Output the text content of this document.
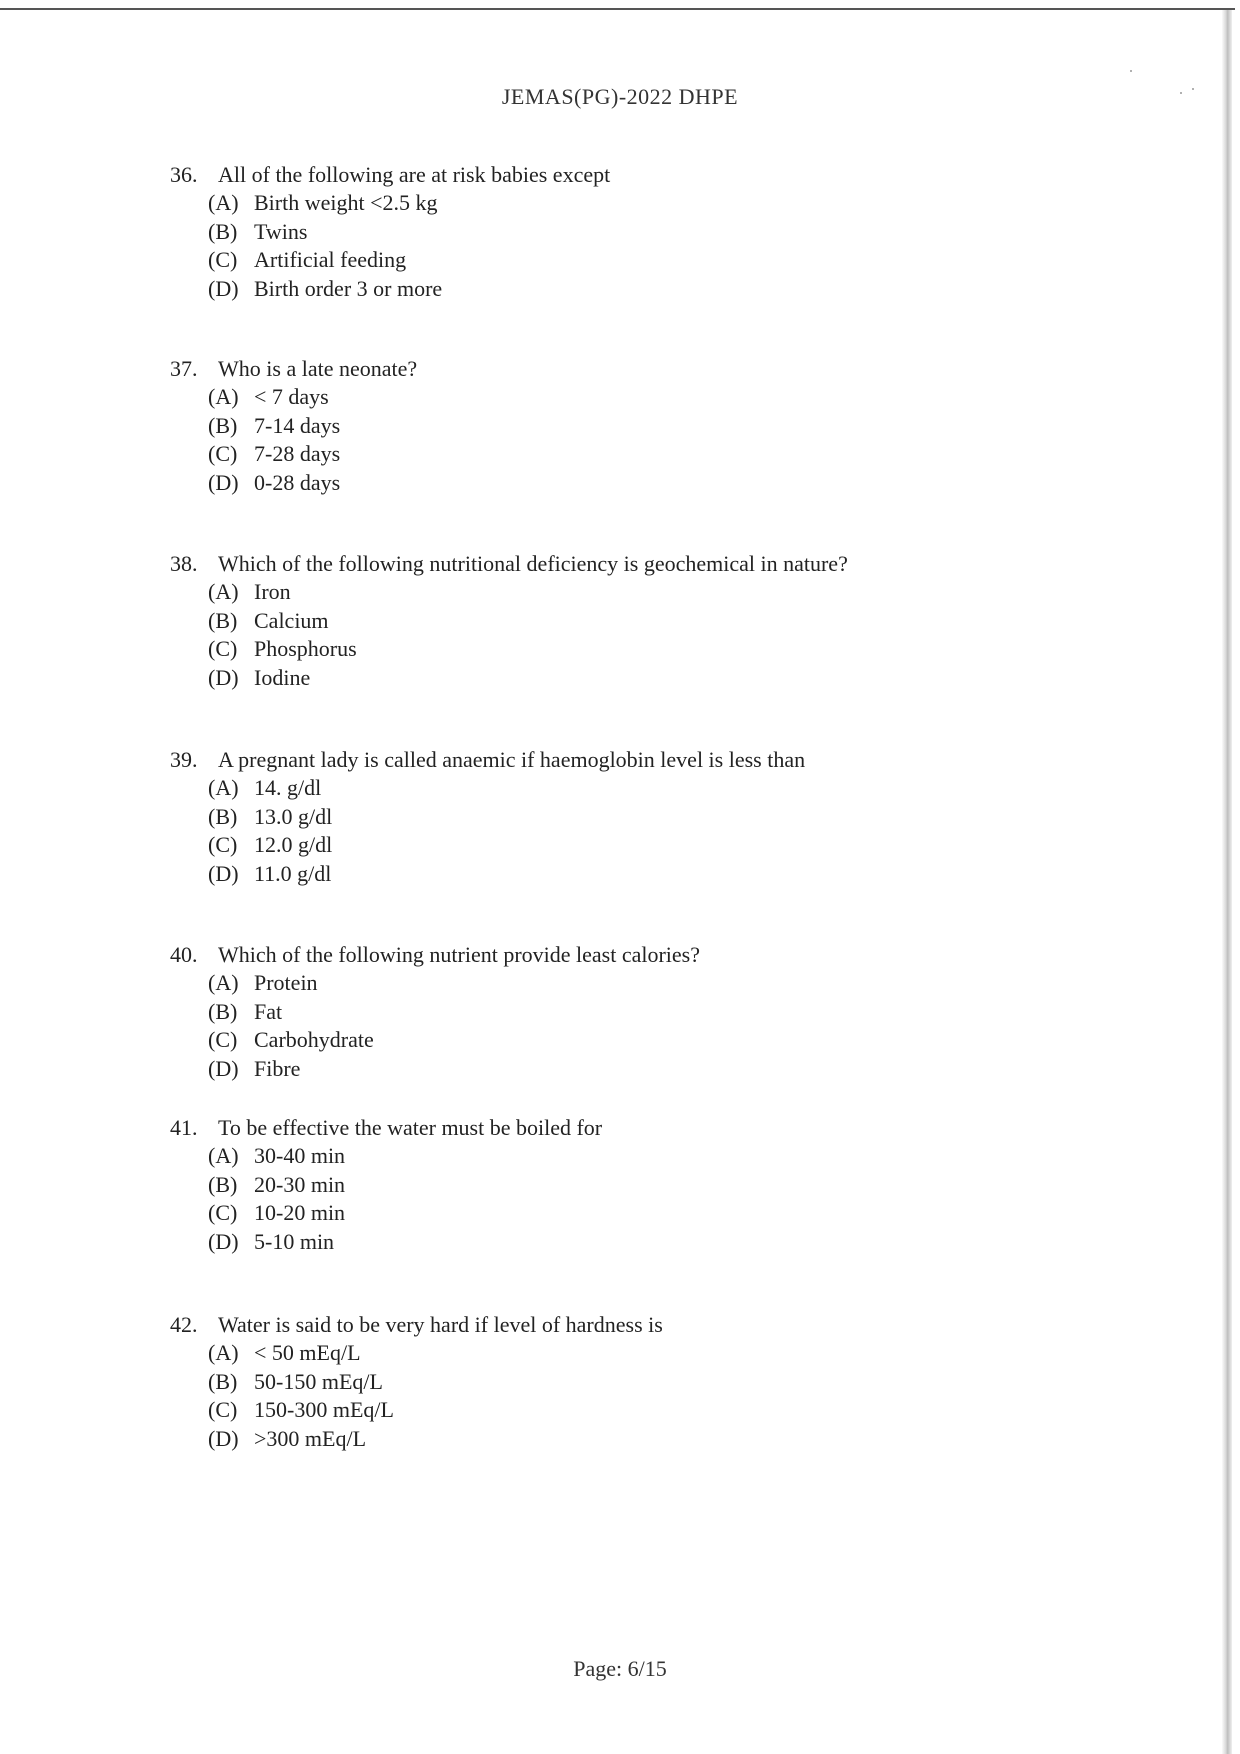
JEMAS(PG)-2022 DHPE
36. All of the following are at risk babies except
(A) Birth weight <2.5 kg
(B) Twins
(C) Artificial feeding
(D) Birth order 3 or more
37. Who is a late neonate?
(A) < 7 days
(B) 7-14 days
(C) 7-28 days
(D) 0-28 days
38. Which of the following nutritional deficiency is geochemical in nature?
(A) Iron
(B) Calcium
(C) Phosphorus
(D) Iodine
39. A pregnant lady is called anaemic if haemoglobin level is less than
(A) 14. g/dl
(B) 13.0 g/dl
(C) 12.0 g/dl
(D) 11.0 g/dl
40. Which of the following nutrient provide least calories?
(A) Protein
(B) Fat
(C) Carbohydrate
(D) Fibre
41. To be effective the water must be boiled for
(A) 30-40 min
(B) 20-30 min
(C) 10-20 min
(D) 5-10 min
42. Water is said to be very hard if level of hardness is
(A) < 50 mEq/L
(B) 50-150 mEq/L
(C) 150-300 mEq/L
(D) >300 mEq/L
Page: 6/15
